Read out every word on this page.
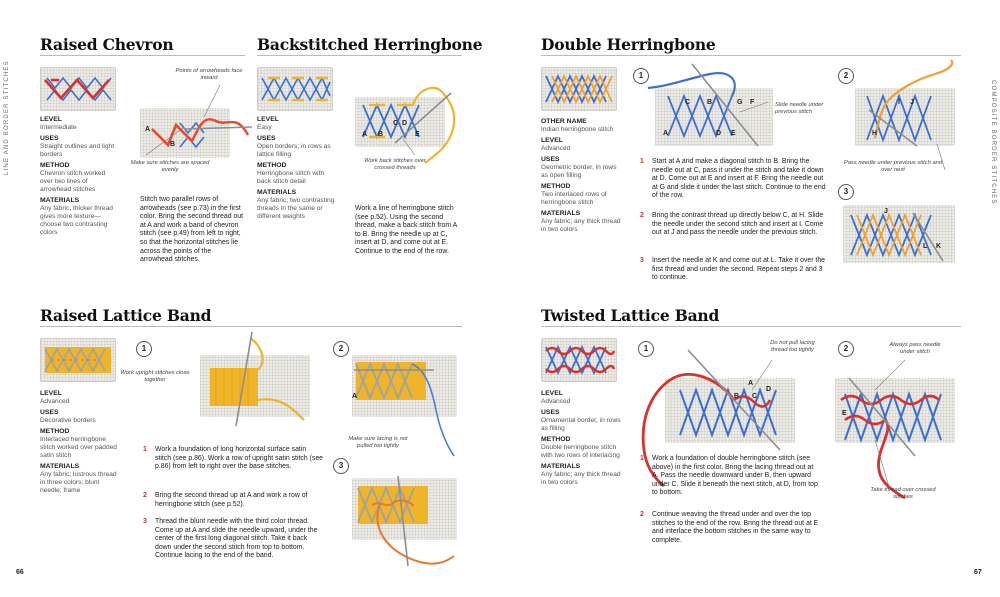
LINE AND BORDER STITCHES	COMPOSITE BORDER STITCHES
66	67
Raised Chevron
LEVEL
Intermediate
USES
Straight outlines and light borders
METHOD
Chevron stitch worked over two lines of arrowhead stitches
MATERIALS
Any fabric; thicker thread gives more texture—choose two contrasting colors
Points of arrowheads face inward
A
B
Make sure stitches are spaced evenly
Stitch two parallel rows of arrowheads (see p.73) in the first color. Bring the second thread out at A and work a band of chevron stitch (see p.49) from left to right, so that the horizontal stitches lie across the points of the arrowhead stitches.
Backstitched Herringbone
LEVEL
Easy
USES
Open borders; in rows as lattice filling
METHOD
Herringbone stitch with back stitch detail
MATERIALS
Any fabric; two contrasting threads in the same or different weights
C D
A B	E
Work back stitches over crossed threads
Work a line of herringbone stitch (see p.52). Using the second thread, make a back stitch from A to B. Bring the needle up at C, insert at D, and come out at E. Continue to the end of the row.
Double Herringbone
OTHER NAME
Indian herringbone stitch
LEVEL
Advanced
USES
Geometric border, in rows as open filling
METHOD
Two interlaced rows of herringbone stitch
MATERIALS
Any fabric; any thick thread in two colors
1	2
3
A
B
C
D E
F
G	Slide needle under previous stitch
H
I J
Pass needle under previous stitch and over next
J
L K
1 Start at A and make a diagonal stitch to B. Bring the needle out at C, pass it under the stitch and take it down at D. Come out at E and insert at F. Bring the needle out at G and slide it under the last stitch. Continue to the end of the row.
2 Bring the contrast thread up directly below C, at H. Slide the needle under the second stitch and insert at I. Come out at J and pass the needle under the previous stitch.
3 Insert the needle at K and come out at L. Take it over the first thread and under the second. Repeat steps 2 and 3 to continue.
Raised Lattice Band
LEVEL
Advanced
USES
Decorative borders
METHOD
Interlaced herringbone stitch worked over padded satin stitch
MATERIALS
Any fabric; lustrous thread in three colors; blunt needle; frame
1	2
3
Work upright stitches close together
A
Make sure lacing is not pulled too tightly
1 Work a foundation of long horizontal surface satin stitch (see p.86). Work a row of upright satin stitch (see p.86) from left to right over the base stitches.
2 Bring the second thread up at A and work a row of herringbone stitch (see p.52).
3 Thread the blunt needle with the third color thread. Come up at A and slide the needle upward, under the center of the first long diagonal stitch. Take it back down under the second stitch from top to bottom. Continue lacing to the end of the band.
Twisted Lattice Band
LEVEL
Advanced
USES
Ornamental border, in rows as filling
METHOD
Double herringbone stitch with two rows of interlacing
MATERIALS
Any fabric; any thick thread in two colors
1	2
Do not pull lacing thread too tightly
A
B C
D
Always pass needle under stitch
E
Take thread over crossed stitches
1 Work a foundation of double herringbone stitch (see above) in the first color. Bring the lacing thread out at A. Pass the needle downward under B, then upward under C. Slide it beneath the next stitch, at D, from top to bottom.
2 Continue weaving the thread under and over the top stitches to the end of the row. Bring the thread out at E and interlace the bottom stitches in the same way to complete.
